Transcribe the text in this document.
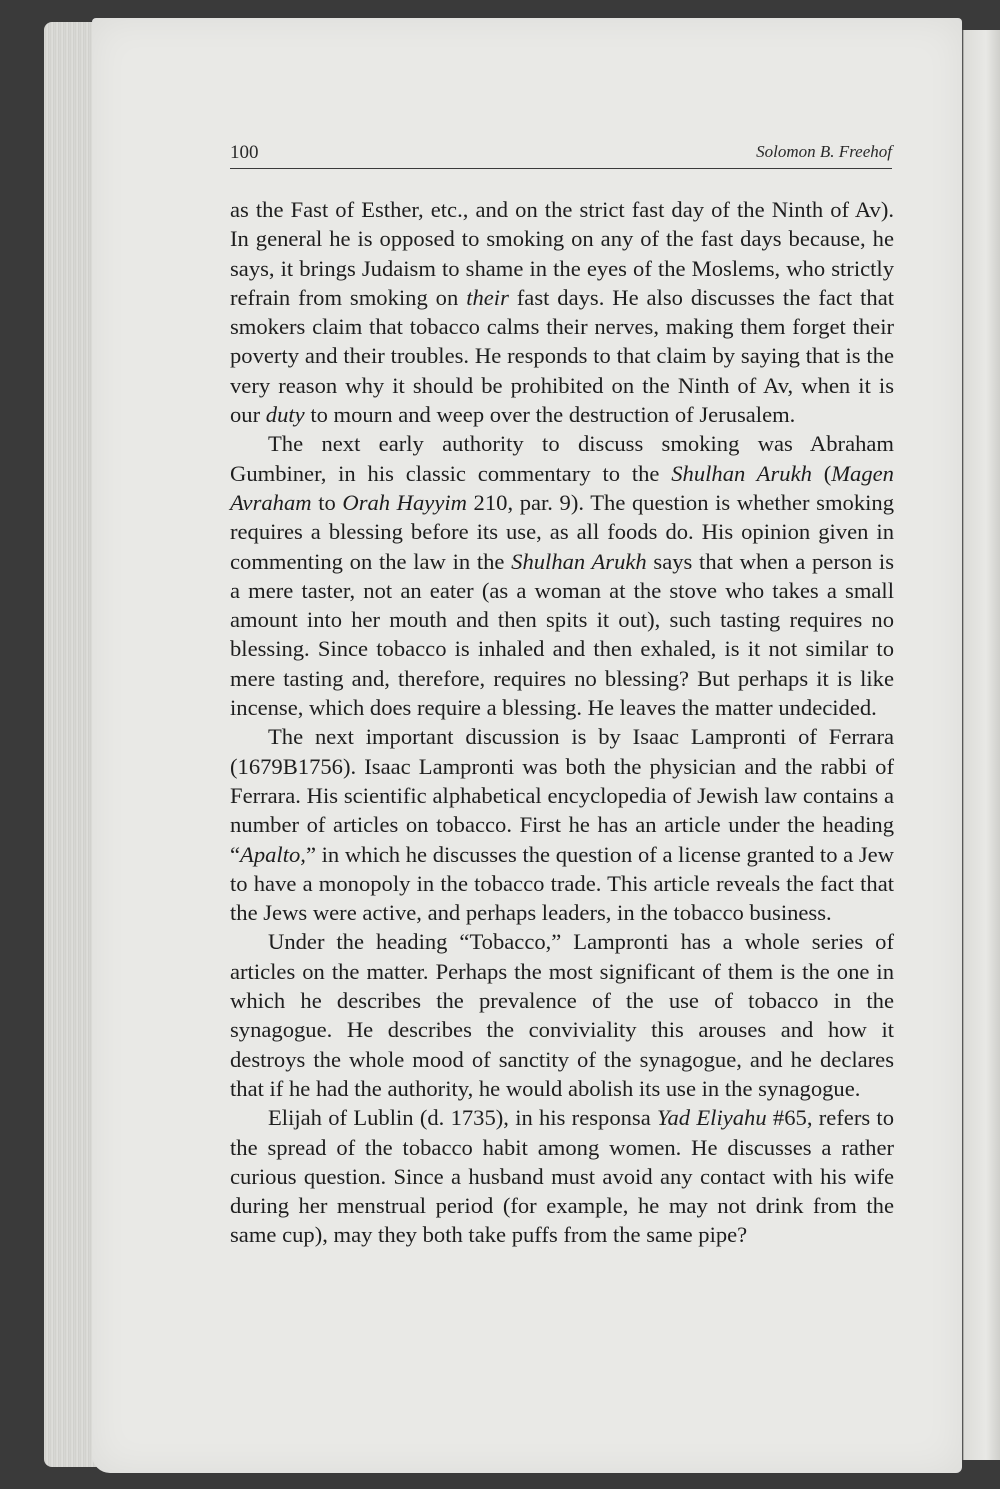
100	Solomon B. Freehof

as the Fast of Esther, etc., and on the strict fast day of the Ninth of Av). In general he is opposed to smoking on any of the fast days because, he says, it brings Judaism to shame in the eyes of the Moslems, who strictly refrain from smoking on their fast days. He also discusses the fact that smokers claim that tobacco calms their nerves, making them forget their poverty and their troubles. He responds to that claim by saying that is the very reason why it should be prohibited on the Ninth of Av, when it is our duty to mourn and weep over the destruction of Jerusalem.

The next early authority to discuss smoking was Abraham Gumbiner, in his classic commentary to the Shulhan Arukh (Magen Avraham to Orah Hayyim 210, par. 9). The question is whether smoking requires a blessing before its use, as all foods do. His opinion given in commenting on the law in the Shulhan Arukh says that when a person is a mere taster, not an eater (as a woman at the stove who takes a small amount into her mouth and then spits it out), such tasting requires no blessing. Since tobacco is inhaled and then exhaled, is it not similar to mere tasting and, therefore, requires no blessing? But perhaps it is like incense, which does require a blessing. He leaves the matter undecided.

The next important discussion is by Isaac Lampronti of Ferrara (1679B1756). Isaac Lampronti was both the physician and the rabbi of Ferrara. His scientific alphabetical encyclopedia of Jewish law contains a number of articles on tobacco. First he has an article under the heading “Apalto,” in which he discusses the question of a license granted to a Jew to have a monopoly in the tobacco trade. This article reveals the fact that the Jews were active, and perhaps leaders, in the tobacco business.

Under the heading “Tobacco,” Lampronti has a whole series of articles on the matter. Perhaps the most significant of them is the one in which he describes the prevalence of the use of tobacco in the synagogue. He describes the conviviality this arouses and how it destroys the whole mood of sanctity of the synagogue, and he declares that if he had the authority, he would abolish its use in the synagogue.

Elijah of Lublin (d. 1735), in his responsa Yad Eliyahu #65, refers to the spread of the tobacco habit among women. He discusses a rather curious question. Since a husband must avoid any contact with his wife during her menstrual period (for example, he may not drink from the same cup), may they both take puffs from the same pipe?
